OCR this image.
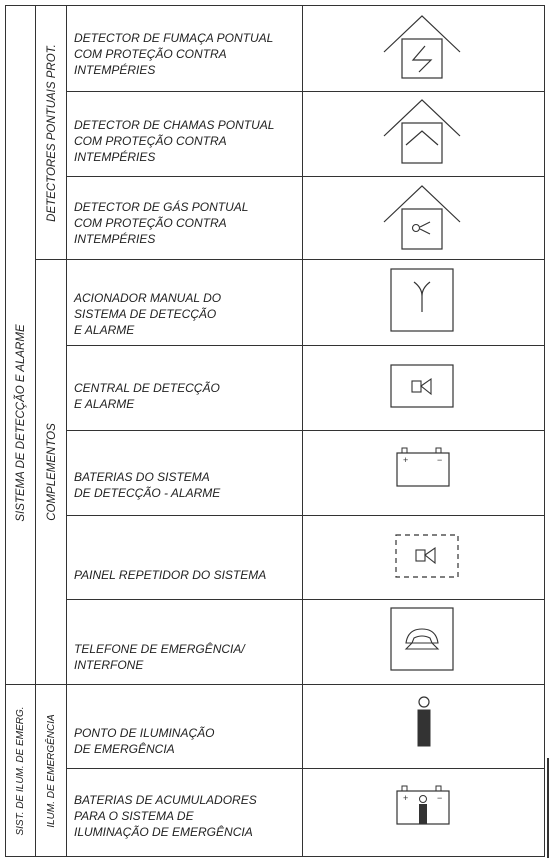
SISTEMA DE DETECÇÃO E ALARME
SIST. DE ILUM. DE EMERG.
DETECTORES PONTUAIS PROT.
COMPLEMENTOS
ILUM. DE EMERGÊNCIA
DETECTOR DE FUMAÇA PONTUAL
COM PROTEÇÃO CONTRA
INTEMPÉRIES
DETECTOR DE CHAMAS PONTUAL
COM PROTEÇÃO CONTRA
INTEMPÉRIES
DETECTOR DE GÁS PONTUAL
COM PROTEÇÃO CONTRA
INTEMPÉRIES
ACIONADOR MANUAL DO
SISTEMA DE DETECÇÃO
E ALARME
CENTRAL DE DETECÇÃO
E ALARME
BATERIAS DO SISTEMA
DE DETECÇÃO - ALARME
PAINEL REPETIDOR DO SISTEMA
TELEFONE DE EMERGÊNCIA/
INTERFONE
PONTO DE ILUMINAÇÃO
DE EMERGÊNCIA
BATERIAS DE ACUMULADORES
PARA O SISTEMA DE
ILUMINAÇÃO DE EMERGÊNCIA
+	−
+	−
